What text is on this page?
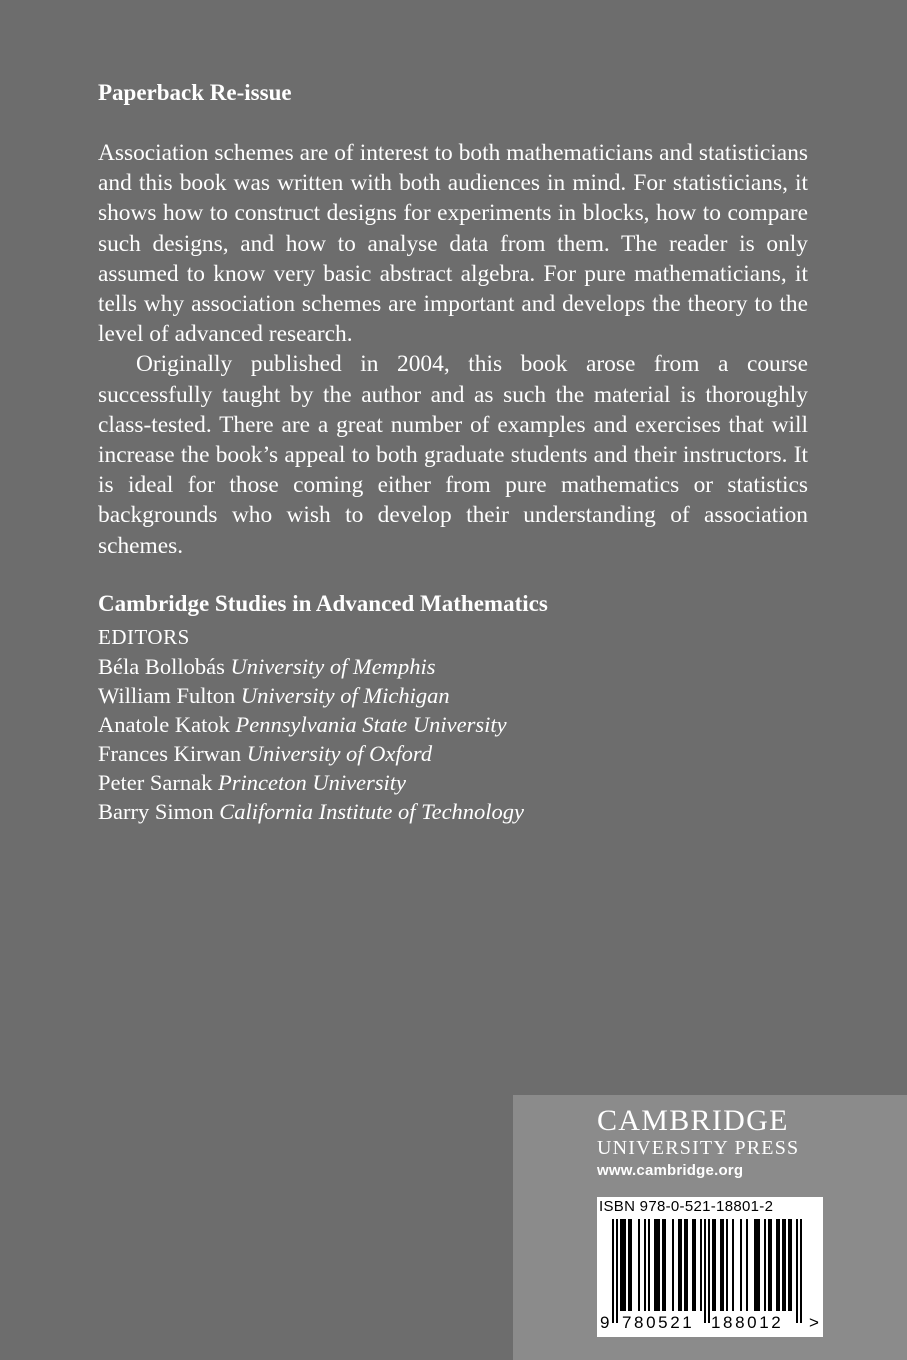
Paperback Re-issue

Association schemes are of interest to both mathematicians and statisticians and this book was written with both audiences in mind. For statisticians, it shows how to construct designs for experiments in blocks, how to compare such designs, and how to analyse data from them. The reader is only assumed to know very basic abstract algebra. For pure mathematicians, it tells why association schemes are important and develops the theory to the level of advanced research.

Originally published in 2004, this book arose from a course successfully taught by the author and as such the material is thoroughly class-tested. There are a great number of examples and exercises that will increase the book’s appeal to both graduate students and their instructors. It is ideal for those coming either from pure mathematics or statistics backgrounds who wish to develop their understanding of association schemes.

Cambridge Studies in Advanced Mathematics
EDITORS
Béla Bollobás University of Memphis
William Fulton University of Michigan
Anatole Katok Pennsylvania State University
Frances Kirwan University of Oxford
Peter Sarnak Princeton University
Barry Simon California Institute of Technology
CAMBRIDGE
UNIVERSITY PRESS
www.cambridge.org
ISBN 978-0-521-18801-2
9 780521 188012 >
